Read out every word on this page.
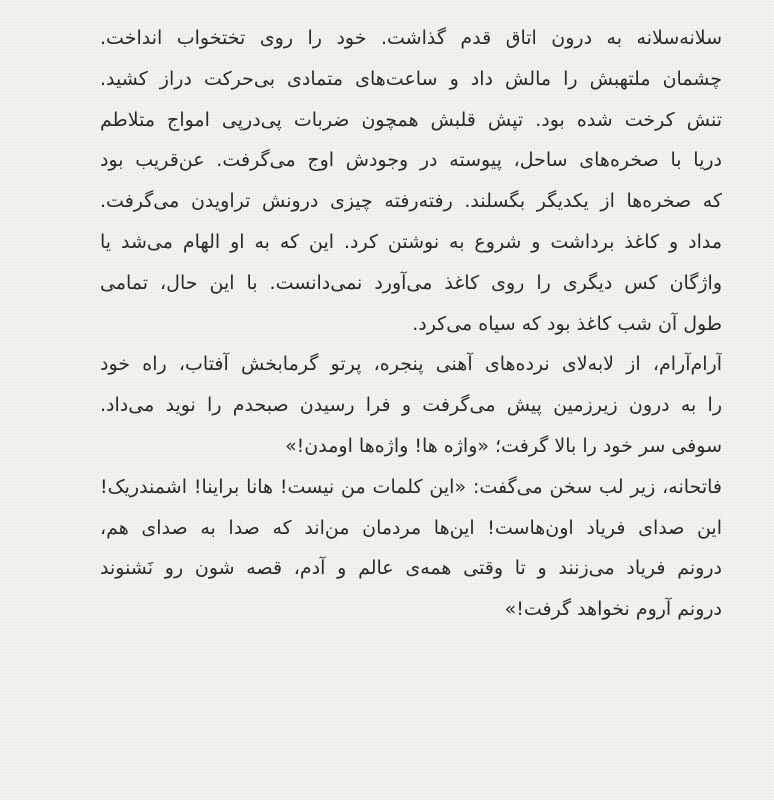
سلانه‌سلانه به درون اتاق قدم گذاشت. خود را روی تختخواب انداخت.
چشمان ملتهبش را مالش داد و ساعت‌های متمادی بی‌حرکت دراز کشید.
تنش کرخت شده بود. تپش قلبش همچون ضربات پی‌درپی امواج متلاطم
دریا با صخره‌های ساحل، پیوسته در وجودش اوج می‌گرفت. عن‌قریب بود
که صخره‌ها از یکدیگر بگسلند. رفته‌رفته چیزی درونش تراویدن می‌گرفت.
مداد و کاغذ برداشت و شروع به نوشتن کرد. این که به او الهام می‌شد یا
واژگان کس دیگری را روی کاغذ می‌آورد نمی‌دانست. با این حال، تمامی
طول آن شب کاغذ بود که سیاه می‌کرد.
آرام‌آرام، از لابه‌لای نرده‌های آهنی پنجره، پرتو گرمابخش آفتاب، راه خود
را به درون زیرزمین پیش می‌گرفت و فرا رسیدن صبحدم را نوید می‌داد.
سوفی سر خود را بالا گرفت؛ «واژه ها! واژه‌ها اومدن!»
فاتحانه، زیر لب سخن می‌گفت: «این کلمات من نیست! هانا براینا! اشمندریک!
این صدای فریاد اون‌هاست! این‌ها مردمان من‌اند که صدا به صدای هم،
درونم فریاد می‌زنند و تا وقتی همه‌ی عالم و آدم، قصه شون رو نَشنوند
درونم آروم نخواهد گرفت!»
